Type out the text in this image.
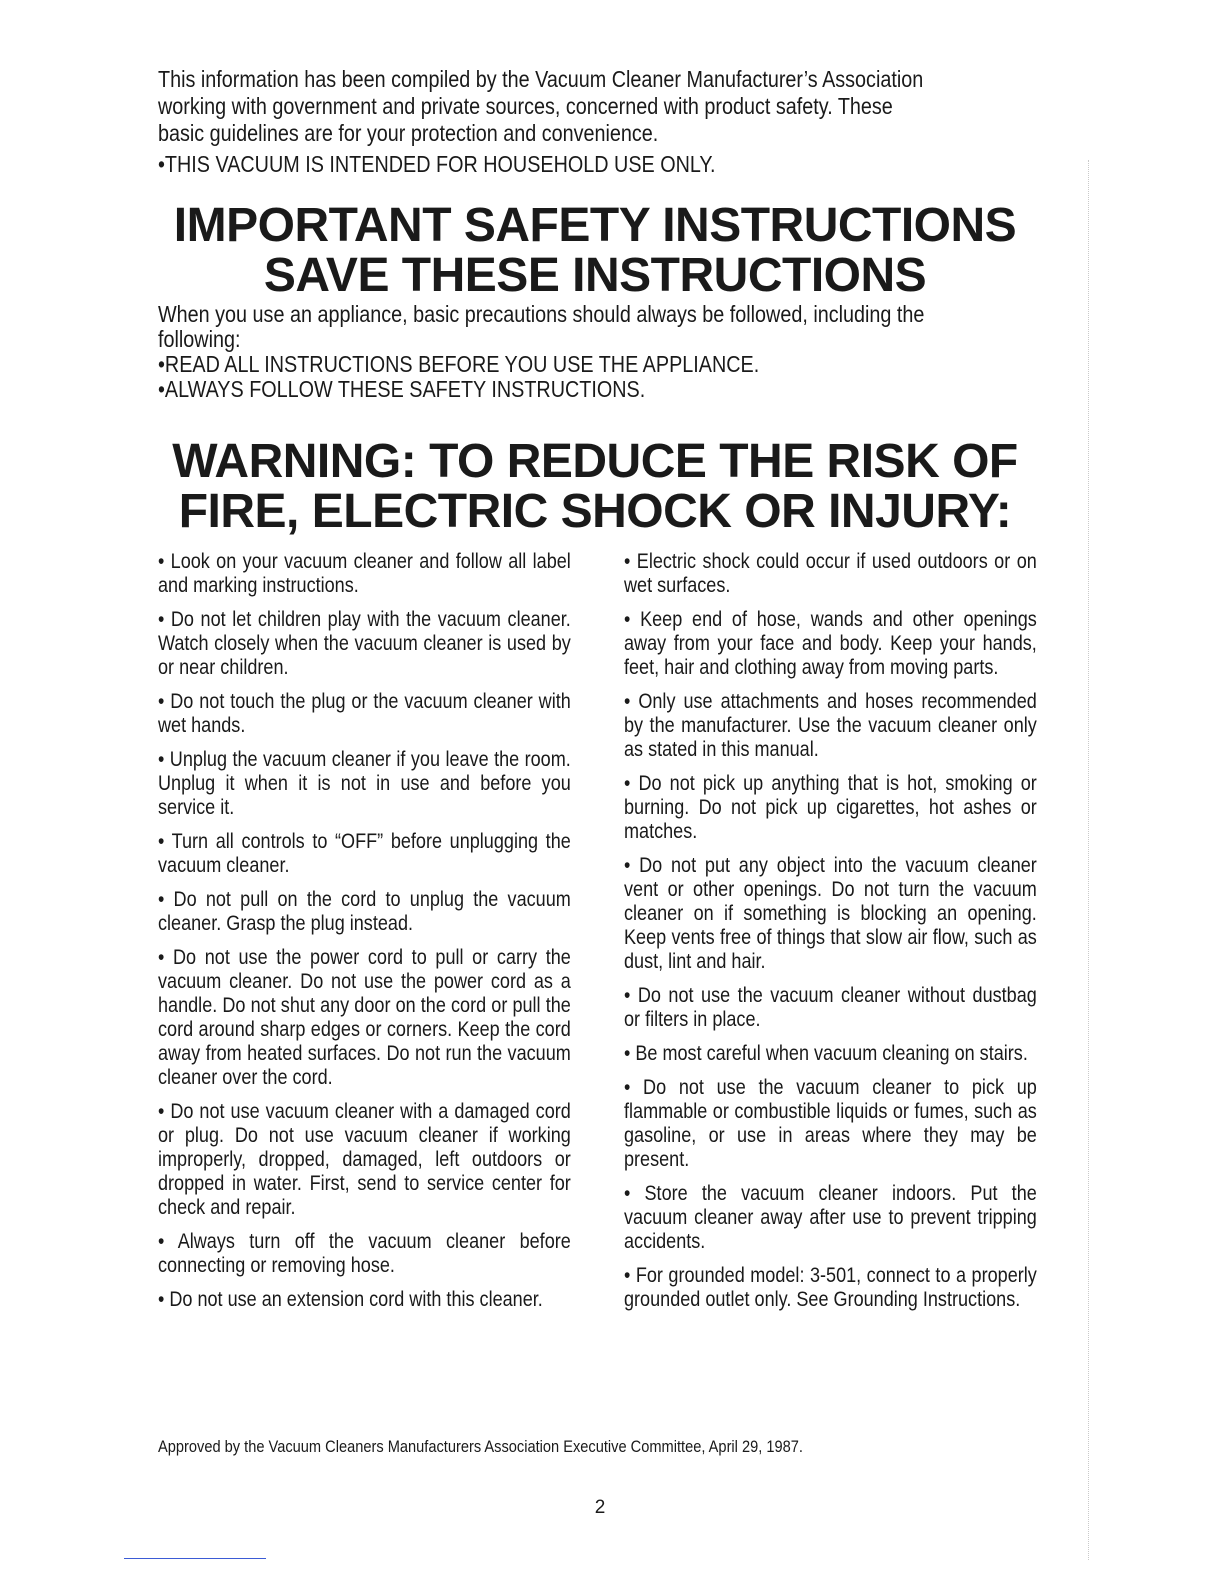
This information has been compiled by the Vacuum Cleaner Manufacturer’s Association

working with government and private sources, concerned with product safety. These

basic guidelines are for your protection and convenience.

•THIS VACUUM IS INTENDED FOR HOUSEHOLD USE ONLY.

IMPORTANT SAFETY INSTRUCTIONS
SAVE THESE INSTRUCTIONS

When you use an appliance, basic precautions should always be followed, including the

following:

•READ ALL INSTRUCTIONS BEFORE YOU USE THE APPLIANCE.

•ALWAYS FOLLOW THESE SAFETY INSTRUCTIONS.

WARNING: TO REDUCE THE RISK OF
FIRE, ELECTRIC SHOCK OR INJURY:

• Look on your vacuum cleaner and follow all label and marking instructions.

• Do not let children play with the vacuum cleaner. Watch closely when the vacuum cleaner is used by or near children.

• Do not touch the plug or the vacuum cleaner with wet hands.

• Unplug the vacuum cleaner if you leave the room. Unplug it when it is not in use and before you service it.

• Turn all controls to “OFF” before unplugging the vacuum cleaner.

• Do not pull on the cord to unplug the vacuum cleaner. Grasp the plug instead.

• Do not use the power cord to pull or carry the vacuum cleaner. Do not use the power cord as a handle. Do not shut any door on the cord or pull the cord around sharp edges or corners. Keep the cord away from heated surfaces. Do not run the vacuum cleaner over the cord.

• Do not use vacuum cleaner with a damaged cord or plug. Do not use vacuum cleaner if working improperly, dropped, damaged, left outdoors or dropped in water. First, send to service center for check and repair.

• Always turn off the vacuum cleaner before connecting or removing hose.

• Do not use an extension cord with this cleaner.

• Electric shock could occur if used outdoors or on wet surfaces.

• Keep end of hose, wands and other openings away from your face and body. Keep your hands, feet, hair and clothing away from moving parts.

• Only use attachments and hoses recommended by the manufacturer. Use the vacuum cleaner only as stated in this manual.

• Do not pick up anything that is hot, smoking or burning. Do not pick up cigarettes, hot ashes or matches.

• Do not put any object into the vacuum cleaner vent or other openings. Do not turn the vacuum cleaner on if something is blocking an opening. Keep vents free of things that slow air flow, such as dust, lint and hair.

• Do not use the vacuum cleaner without dustbag or filters in place.

• Be most careful when vacuum cleaning on stairs.

• Do not use the vacuum cleaner to pick up flammable or combustible liquids or fumes, such as gasoline, or use in areas where they may be present.

• Store the vacuum cleaner indoors. Put the vacuum cleaner away after use to prevent tripping accidents.

• For grounded model: 3-501, connect to a properly grounded outlet only. See Grounding Instructions.

Approved by the Vacuum Cleaners Manufacturers Association Executive Committee, April 29, 1987.
2
